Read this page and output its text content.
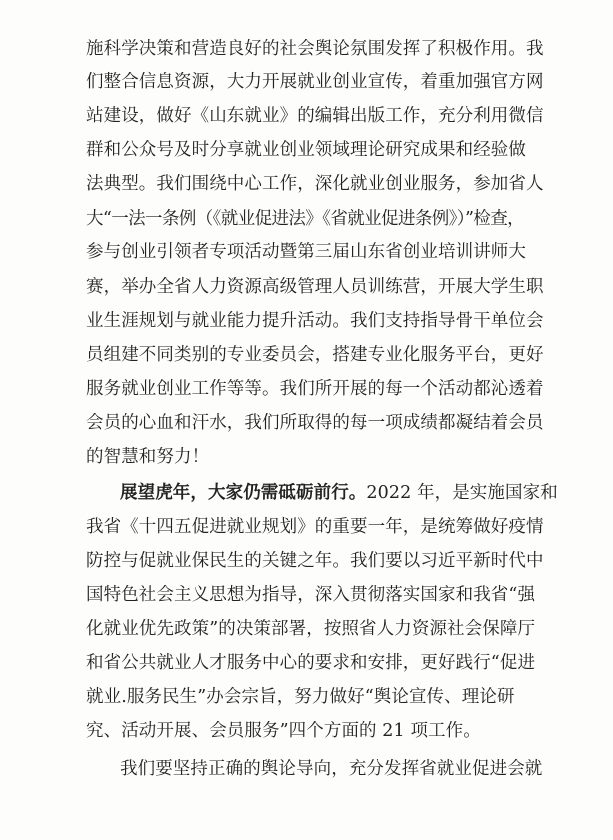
施科学决策和营造良好的社会舆论氛围发挥了积极作用。我
们整合信息资源，大力开展就业创业宣传，着重加强官方网
站建设，做好《山东就业》的编辑出版工作，充分利用微信
群和公众号及时分享就业创业领域理论研究成果和经验做
法典型。我们围绕中心工作，深化就业创业服务，参加省人
大“一法一条例（《就业促进法》《省就业促进条例》）”检查，
参与创业引领者专项活动暨第三届山东省创业培训讲师大
赛，举办全省人力资源高级管理人员训练营，开展大学生职
业生涯规划与就业能力提升活动。我们支持指导骨干单位会
员组建不同类别的专业委员会，搭建专业化服务平台，更好
服务就业创业工作等等。我们所开展的每一个活动都沁透着
会员的心血和汗水，我们所取得的每一项成绩都凝结着会员
的智慧和努力！
展望虎年，大家仍需砥砺前行。2022 年，是实施国家和
我省《十四五促进就业规划》的重要一年，是统筹做好疫情
防控与促就业保民生的关键之年。我们要以习近平新时代中
国特色社会主义思想为指导，深入贯彻落实国家和我省“强
化就业优先政策”的决策部署，按照省人力资源社会保障厅
和省公共就业人才服务中心的要求和安排，更好践行“促进
就业.服务民生”办会宗旨，努力做好“舆论宣传、理论研
究、活动开展、会员服务”四个方面的 21 项工作。
我们要坚持正确的舆论导向，充分发挥省就业促进会就
